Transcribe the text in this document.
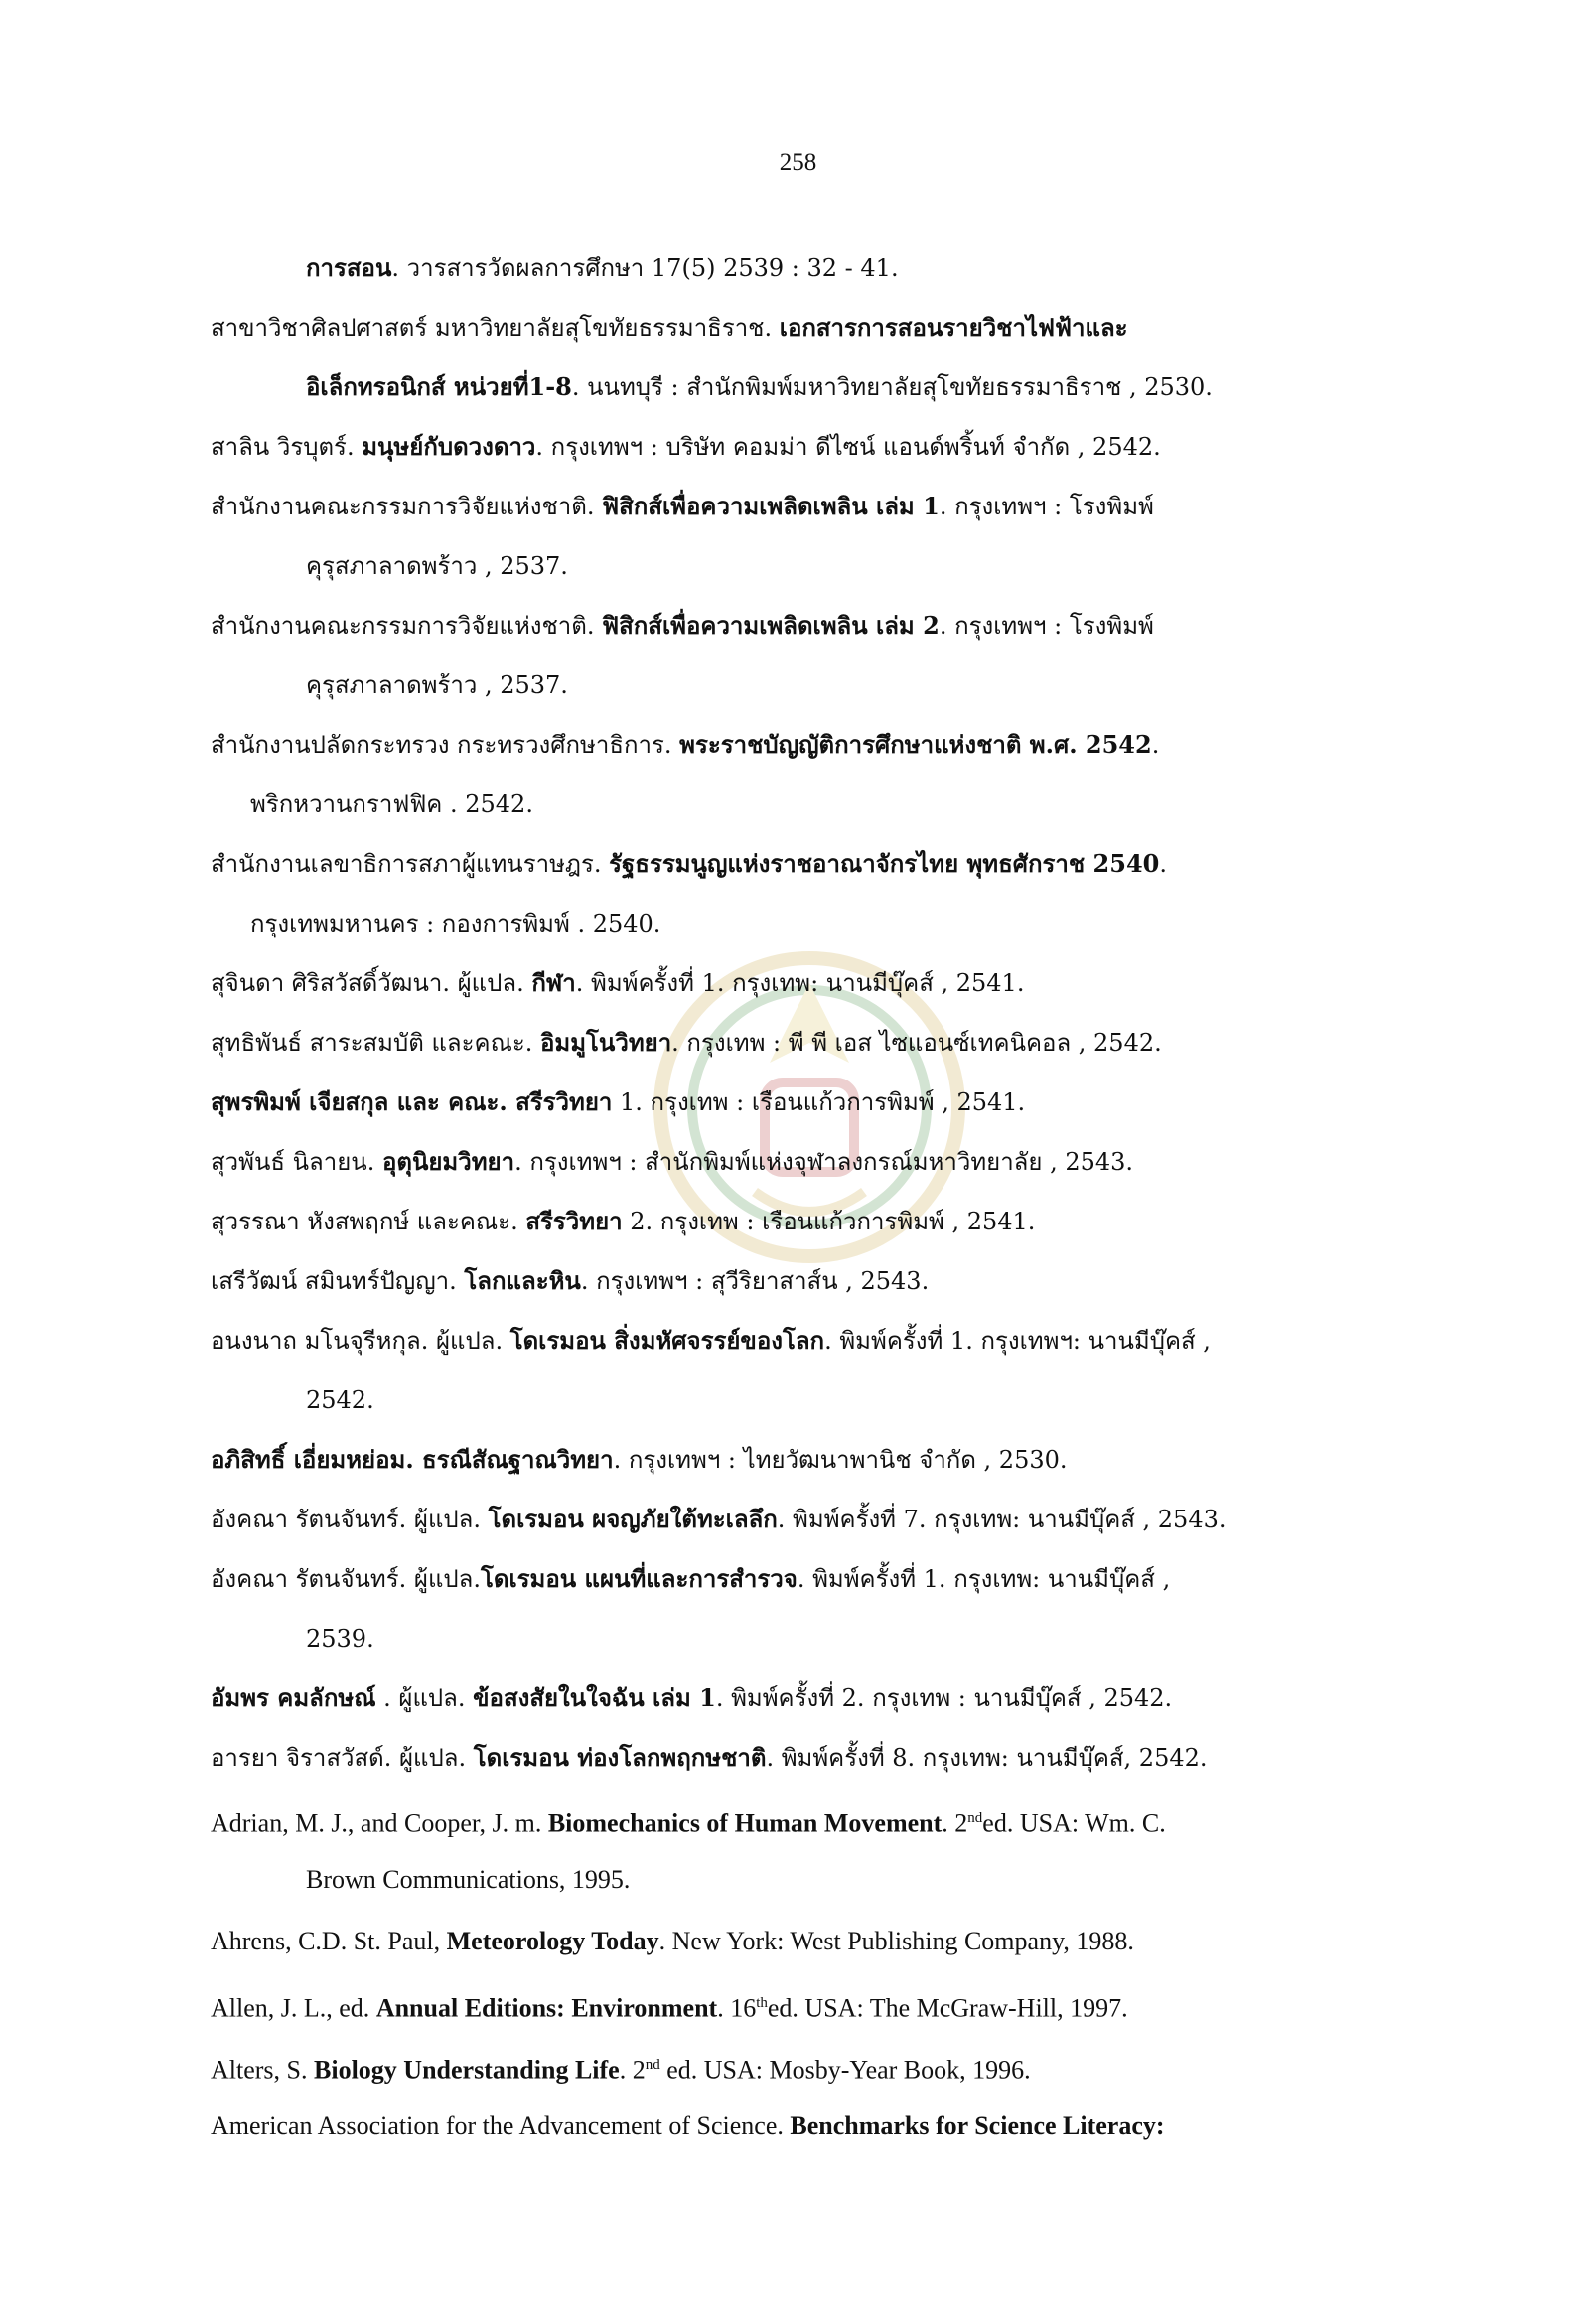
258
การสอน. วารสารวัดผลการศึกษา 17(5) 2539 : 32 - 41.
สาขาวิชาศิลปศาสตร์ มหาวิทยาลัยสุโขทัยธรรมาธิราช. เอกสารการสอนรายวิชาไฟฟ้าและ
อิเล็กทรอนิกส์ หน่วยที่1-8. นนทบุรี : สำนักพิมพ์มหาวิทยาลัยสุโขทัยธรรมาธิราช , 2530.
สาลิน วิรบุตร์. มนุษย์กับดวงดาว. กรุงเทพฯ : บริษัท คอมม่า ดีไซน์ แอนด์พริ้นท์ จำกัด , 2542.
สำนักงานคณะกรรมการวิจัยแห่งชาติ. ฟิสิกส์เพื่อความเพลิดเพลิน เล่ม 1. กรุงเทพฯ : โรงพิมพ์
คุรุสภาลาดพร้าว , 2537.
สำนักงานคณะกรรมการวิจัยแห่งชาติ. ฟิสิกส์เพื่อความเพลิดเพลิน เล่ม 2. กรุงเทพฯ : โรงพิมพ์
คุรุสภาลาดพร้าว , 2537.
สำนักงานปลัดกระทรวง กระทรวงศึกษาธิการ. พระราชบัญญัติการศึกษาแห่งชาติ พ.ศ. 2542.
พริกหวานกราฟฟิค . 2542.
สำนักงานเลขาธิการสภาผู้แทนราษฎร. รัฐธรรมนูญแห่งราชอาณาจักรไทย พุทธศักราช 2540.
กรุงเทพมหานคร : กองการพิมพ์ . 2540.
สุจินดา ศิริสวัสดิ์วัฒนา. ผู้แปล. กีฬา. พิมพ์ครั้งที่ 1. กรุงเทพ: นานมีบุ๊คส์ , 2541.
สุทธิพันธ์ สาระสมบัติ และคณะ. อิมมูโนวิทยา. กรุงเทพ : พี พี เอส ไซแอนซ์เทคนิคอล , 2542.
สุพรพิมพ์ เจียสกุล และ คณะ. สรีรวิทยา 1. กรุงเทพ : เรือนแก้วการพิมพ์ , 2541.
สุวพันธ์ นิลายน. อุตุนิยมวิทยา. กรุงเทพฯ : สำนักพิมพ์แห่งจุฬาลงกรณ์มหาวิทยาลัย , 2543.
สุวรรณา หังสพฤกษ์ และคณะ. สรีรวิทยา 2. กรุงเทพ : เรือนแก้วการพิมพ์ , 2541.
เสรีวัฒน์ สมินทร์ปัญญา. โลกและหิน. กรุงเทพฯ : สุวีริยาสาส์น , 2543.
อนงนาถ มโนจุรีหกุล. ผู้แปล. โดเรมอน สิ่งมหัศจรรย์ของโลก. พิมพ์ครั้งที่ 1. กรุงเทพฯ: นานมีบุ๊คส์ ,
2542.
อภิสิทธิ์ เอี่ยมหย่อม. ธรณีสัณฐาณวิทยา. กรุงเทพฯ : ไทยวัฒนาพานิช จำกัด , 2530.
อังคณา รัตนจันทร์. ผู้แปล. โดเรมอน ผจญภัยใต้ทะเลลึก. พิมพ์ครั้งที่ 7. กรุงเทพ: นานมีบุ๊คส์ , 2543.
อังคณา รัตนจันทร์. ผู้แปล.โดเรมอน แผนที่และการสำรวจ. พิมพ์ครั้งที่ 1. กรุงเทพ: นานมีบุ๊คส์ ,
2539.
อัมพร คมลักษณ์ . ผู้แปล. ข้อสงสัยในใจฉัน เล่ม 1. พิมพ์ครั้งที่ 2. กรุงเทพ : นานมีบุ๊คส์ , 2542.
อารยา จิราสวัสด์. ผู้แปล. โดเรมอน ท่องโลกพฤกษชาติ. พิมพ์ครั้งที่ 8. กรุงเทพ: นานมีบุ๊คส์, 2542.
Adrian, M. J., and Cooper, J. m. Biomechanics of Human Movement. 2nded. USA: Wm. C.
Brown Communications, 1995.
Ahrens, C.D. St. Paul, Meteorology Today. New York: West Publishing Company, 1988.
Allen, J. L., ed. Annual Editions: Environment. 16thed. USA: The McGraw-Hill, 1997.
Alters, S. Biology Understanding Life. 2nd ed. USA: Mosby-Year Book, 1996.
American Association for the Advancement of Science. Benchmarks for Science Literacy:
